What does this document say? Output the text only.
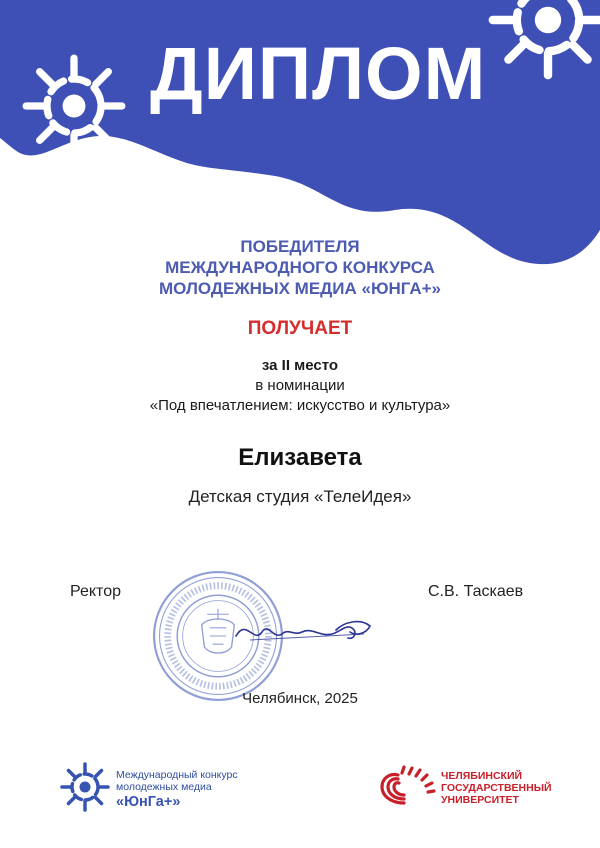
ДИПЛОМ
ПОБЕДИТЕЛЯ
МЕЖДУНАРОДНОГО КОНКУРСА
МОЛОДЕЖНЫХ МЕДИА «ЮНГА+»
ПОЛУЧАЕТ
за II место
в номинации
«Под впечатлением: искусство и культура»
Елизавета
Детская студия «ТелеИдея»
Ректор	С.В. Таскаев
Челябинск, 2025
Международный конкурс
молодежных медиа
«ЮнГа+»
ЧЕЛЯБИНСКИЙ
ГОСУДАРСТВЕННЫЙ
УНИВЕРСИТЕТ
